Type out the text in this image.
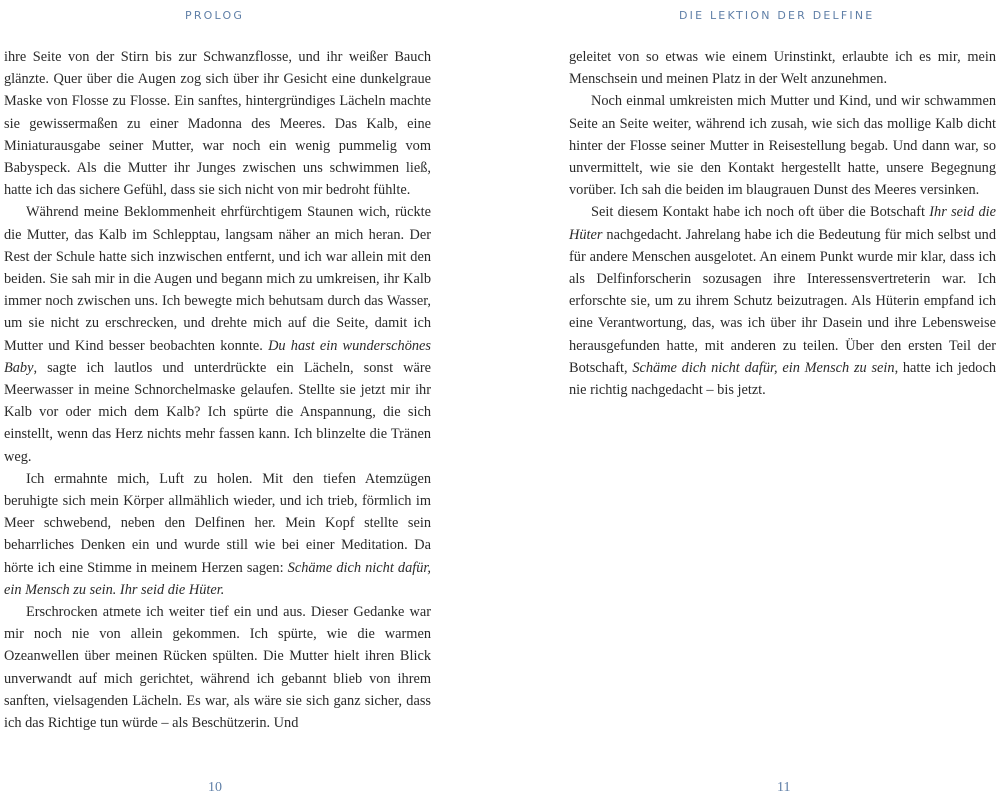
PROLOG

ihre Seite von der Stirn bis zur Schwanzflosse, und ihr weißer Bauch glänzte. Quer über die Augen zog sich über ihr Gesicht eine dunkelgraue Maske von Flosse zu Flosse. Ein sanftes, hintergründiges Lächeln machte sie gewissermaßen zu einer Madonna des Meeres. Das Kalb, eine Miniaturausgabe seiner Mutter, war noch ein wenig pummelig vom Babyspeck. Als die Mutter ihr Junges zwischen uns schwimmen ließ, hatte ich das sichere Gefühl, dass sie sich nicht von mir bedroht fühlte.

Während meine Beklommenheit ehrfürchtigem Staunen wich, rückte die Mutter, das Kalb im Schlepptau, langsam näher an mich heran. Der Rest der Schule hatte sich inzwischen entfernt, und ich war allein mit den beiden. Sie sah mir in die Augen und begann mich zu umkreisen, ihr Kalb immer noch zwischen uns. Ich bewegte mich behutsam durch das Wasser, um sie nicht zu erschrecken, und drehte mich auf die Seite, damit ich Mutter und Kind besser beobachten konnte. Du hast ein wunderschönes Baby, sagte ich lautlos und unterdrückte ein Lächeln, sonst wäre Meerwasser in meine Schnorchelmaske gelaufen. Stellte sie jetzt mir ihr Kalb vor oder mich dem Kalb? Ich spürte die Anspannung, die sich einstellt, wenn das Herz nichts mehr fassen kann. Ich blinzelte die Tränen weg.

Ich ermahnte mich, Luft zu holen. Mit den tiefen Atemzügen beruhigte sich mein Körper allmählich wieder, und ich trieb, förmlich im Meer schwebend, neben den Delfinen her. Mein Kopf stellte sein beharrliches Denken ein und wurde still wie bei einer Meditation. Da hörte ich eine Stimme in meinem Herzen sagen: Schäme dich nicht dafür, ein Mensch zu sein. Ihr seid die Hüter.

Erschrocken atmete ich weiter tief ein und aus. Dieser Gedanke war mir noch nie von allein gekommen. Ich spürte, wie die warmen Ozeanwellen über meinen Rücken spülten. Die Mutter hielt ihren Blick unverwandt auf mich gerichtet, während ich gebannt blieb von ihrem sanften, vielsagenden Lächeln. Es war, als wäre sie sich ganz sicher, dass ich das Richtige tun würde – als Beschützerin. Und

10
DIE LEKTION DER DELFINE

geleitet von so etwas wie einem Urinstinkt, erlaubte ich es mir, mein Menschsein und meinen Platz in der Welt anzunehmen.

Noch einmal umkreisten mich Mutter und Kind, und wir schwammen Seite an Seite weiter, während ich zusah, wie sich das mollige Kalb dicht hinter der Flosse seiner Mutter in Reisestellung begab. Und dann war, so unvermittelt, wie sie den Kontakt hergestellt hatte, unsere Begegnung vorüber. Ich sah die beiden im blaugrauen Dunst des Meeres versinken.

Seit diesem Kontakt habe ich noch oft über die Botschaft Ihr seid die Hüter nachgedacht. Jahrelang habe ich die Bedeutung für mich selbst und für andere Menschen ausgelotet. An einem Punkt wurde mir klar, dass ich als Delfinforscherin sozusagen ihre Interessensvertreterin war. Ich erforschte sie, um zu ihrem Schutz beizutragen. Als Hüterin empfand ich eine Verantwortung, das, was ich über ihr Dasein und ihre Lebensweise herausgefunden hatte, mit anderen zu teilen. Über den ersten Teil der Botschaft, Schäme dich nicht dafür, ein Mensch zu sein, hatte ich jedoch nie richtig nachgedacht – bis jetzt.

11
